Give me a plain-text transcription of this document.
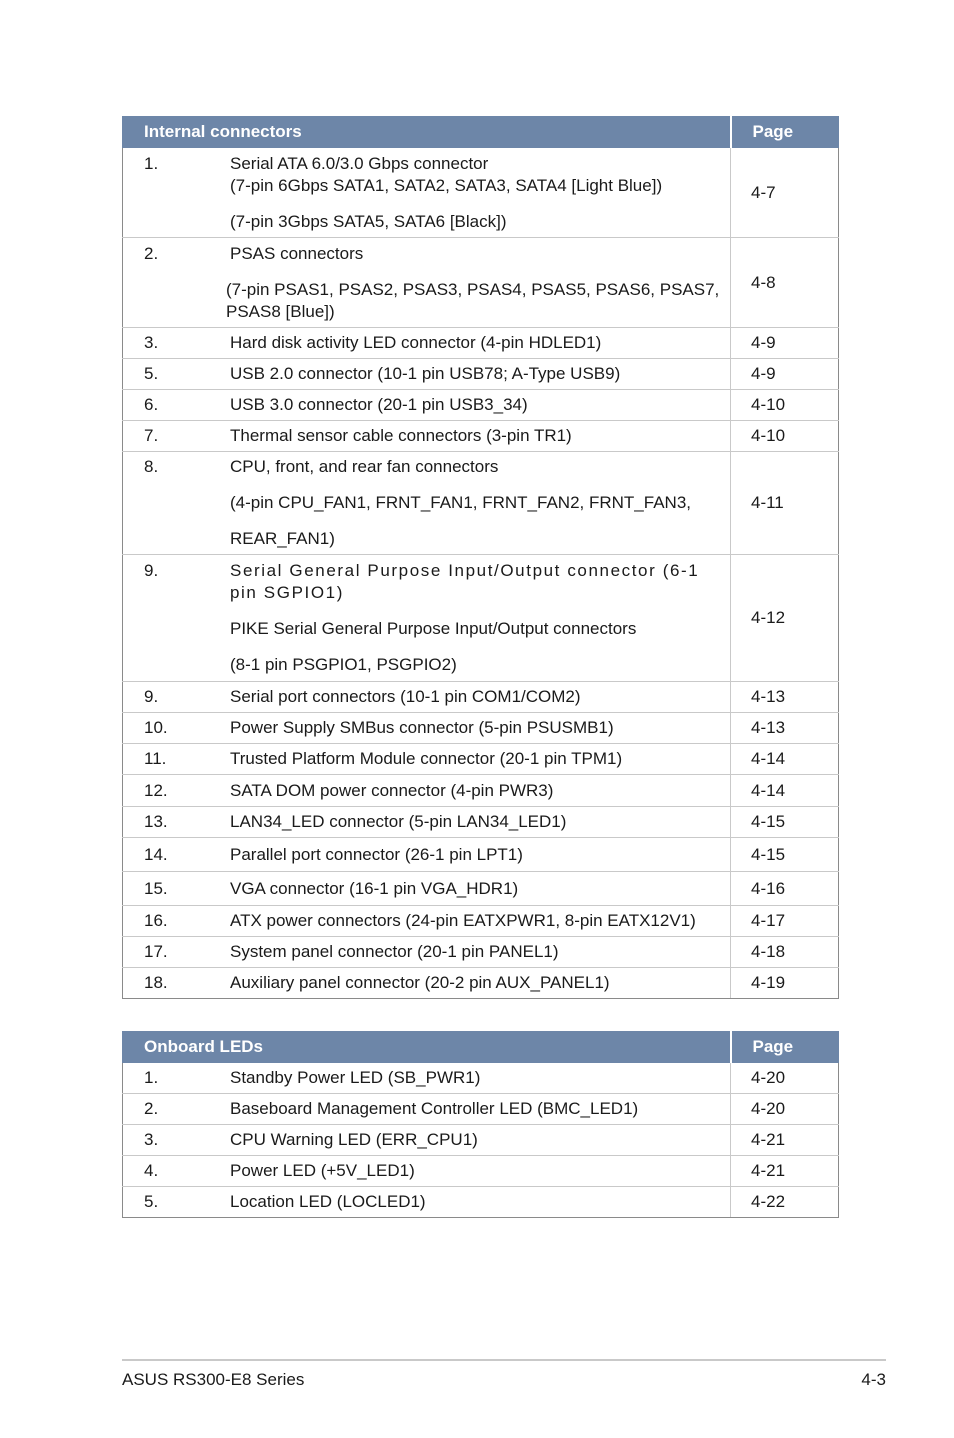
Internal connectors	Page

1. Serial ATA 6.0/3.0 Gbps connector
(7-pin 6Gbps SATA1, SATA2, SATA3, SATA4 [Light Blue])
(7-pin 3Gbps SATA5, SATA6 [Black])	4-7

2. PSAS connectors
(7-pin PSAS1, PSAS2, PSAS3, PSAS4, PSAS5, PSAS6, PSAS7, PSAS8 [Blue])	4-8

3. Hard disk activity LED connector (4-pin HDLED1)	4-9

5. USB 2.0 connector (10-1 pin USB78; A-Type USB9)	4-9

6. USB 3.0 connector (20-1 pin USB3_34)	4-10

7. Thermal sensor cable connectors (3-pin TR1)	4-10

8. CPU, front, and rear fan connectors
(4-pin CPU_FAN1, FRNT_FAN1, FRNT_FAN2, FRNT_FAN3,
REAR_FAN1)	4-11

9. Serial General Purpose Input/Output connector (6-1 pin SGPIO1)
PIKE Serial General Purpose Input/Output connectors
(8-1 pin PSGPIO1, PSGPIO2)	4-12

9. Serial port connectors (10-1 pin COM1/COM2)	4-13

10. Power Supply SMBus connector (5-pin PSUSMB1)	4-13

11. Trusted Platform Module connector (20-1 pin TPM1)	4-14

12. SATA DOM power connector (4-pin PWR3)	4-14

13. LAN34_LED connector (5-pin LAN34_LED1)	4-15

14. Parallel port connector (26-1 pin LPT1)	4-15

15. VGA connector (16-1 pin VGA_HDR1)	4-16

16. ATX power connectors (24-pin EATXPWR1, 8-pin EATX12V1)	4-17

17. System panel connector (20-1 pin PANEL1)	4-18

18. Auxiliary panel connector (20-2 pin AUX_PANEL1)	4-19
Onboard LEDs	Page

1. Standby Power LED (SB_PWR1)	4-20

2. Baseboard Management Controller LED (BMC_LED1)	4-20

3. CPU Warning LED (ERR_CPU1)	4-21

4. Power LED (+5V_LED1)	4-21

5. Location LED (LOCLED1)	4-22
ASUS RS300-E8 Series	4-3
